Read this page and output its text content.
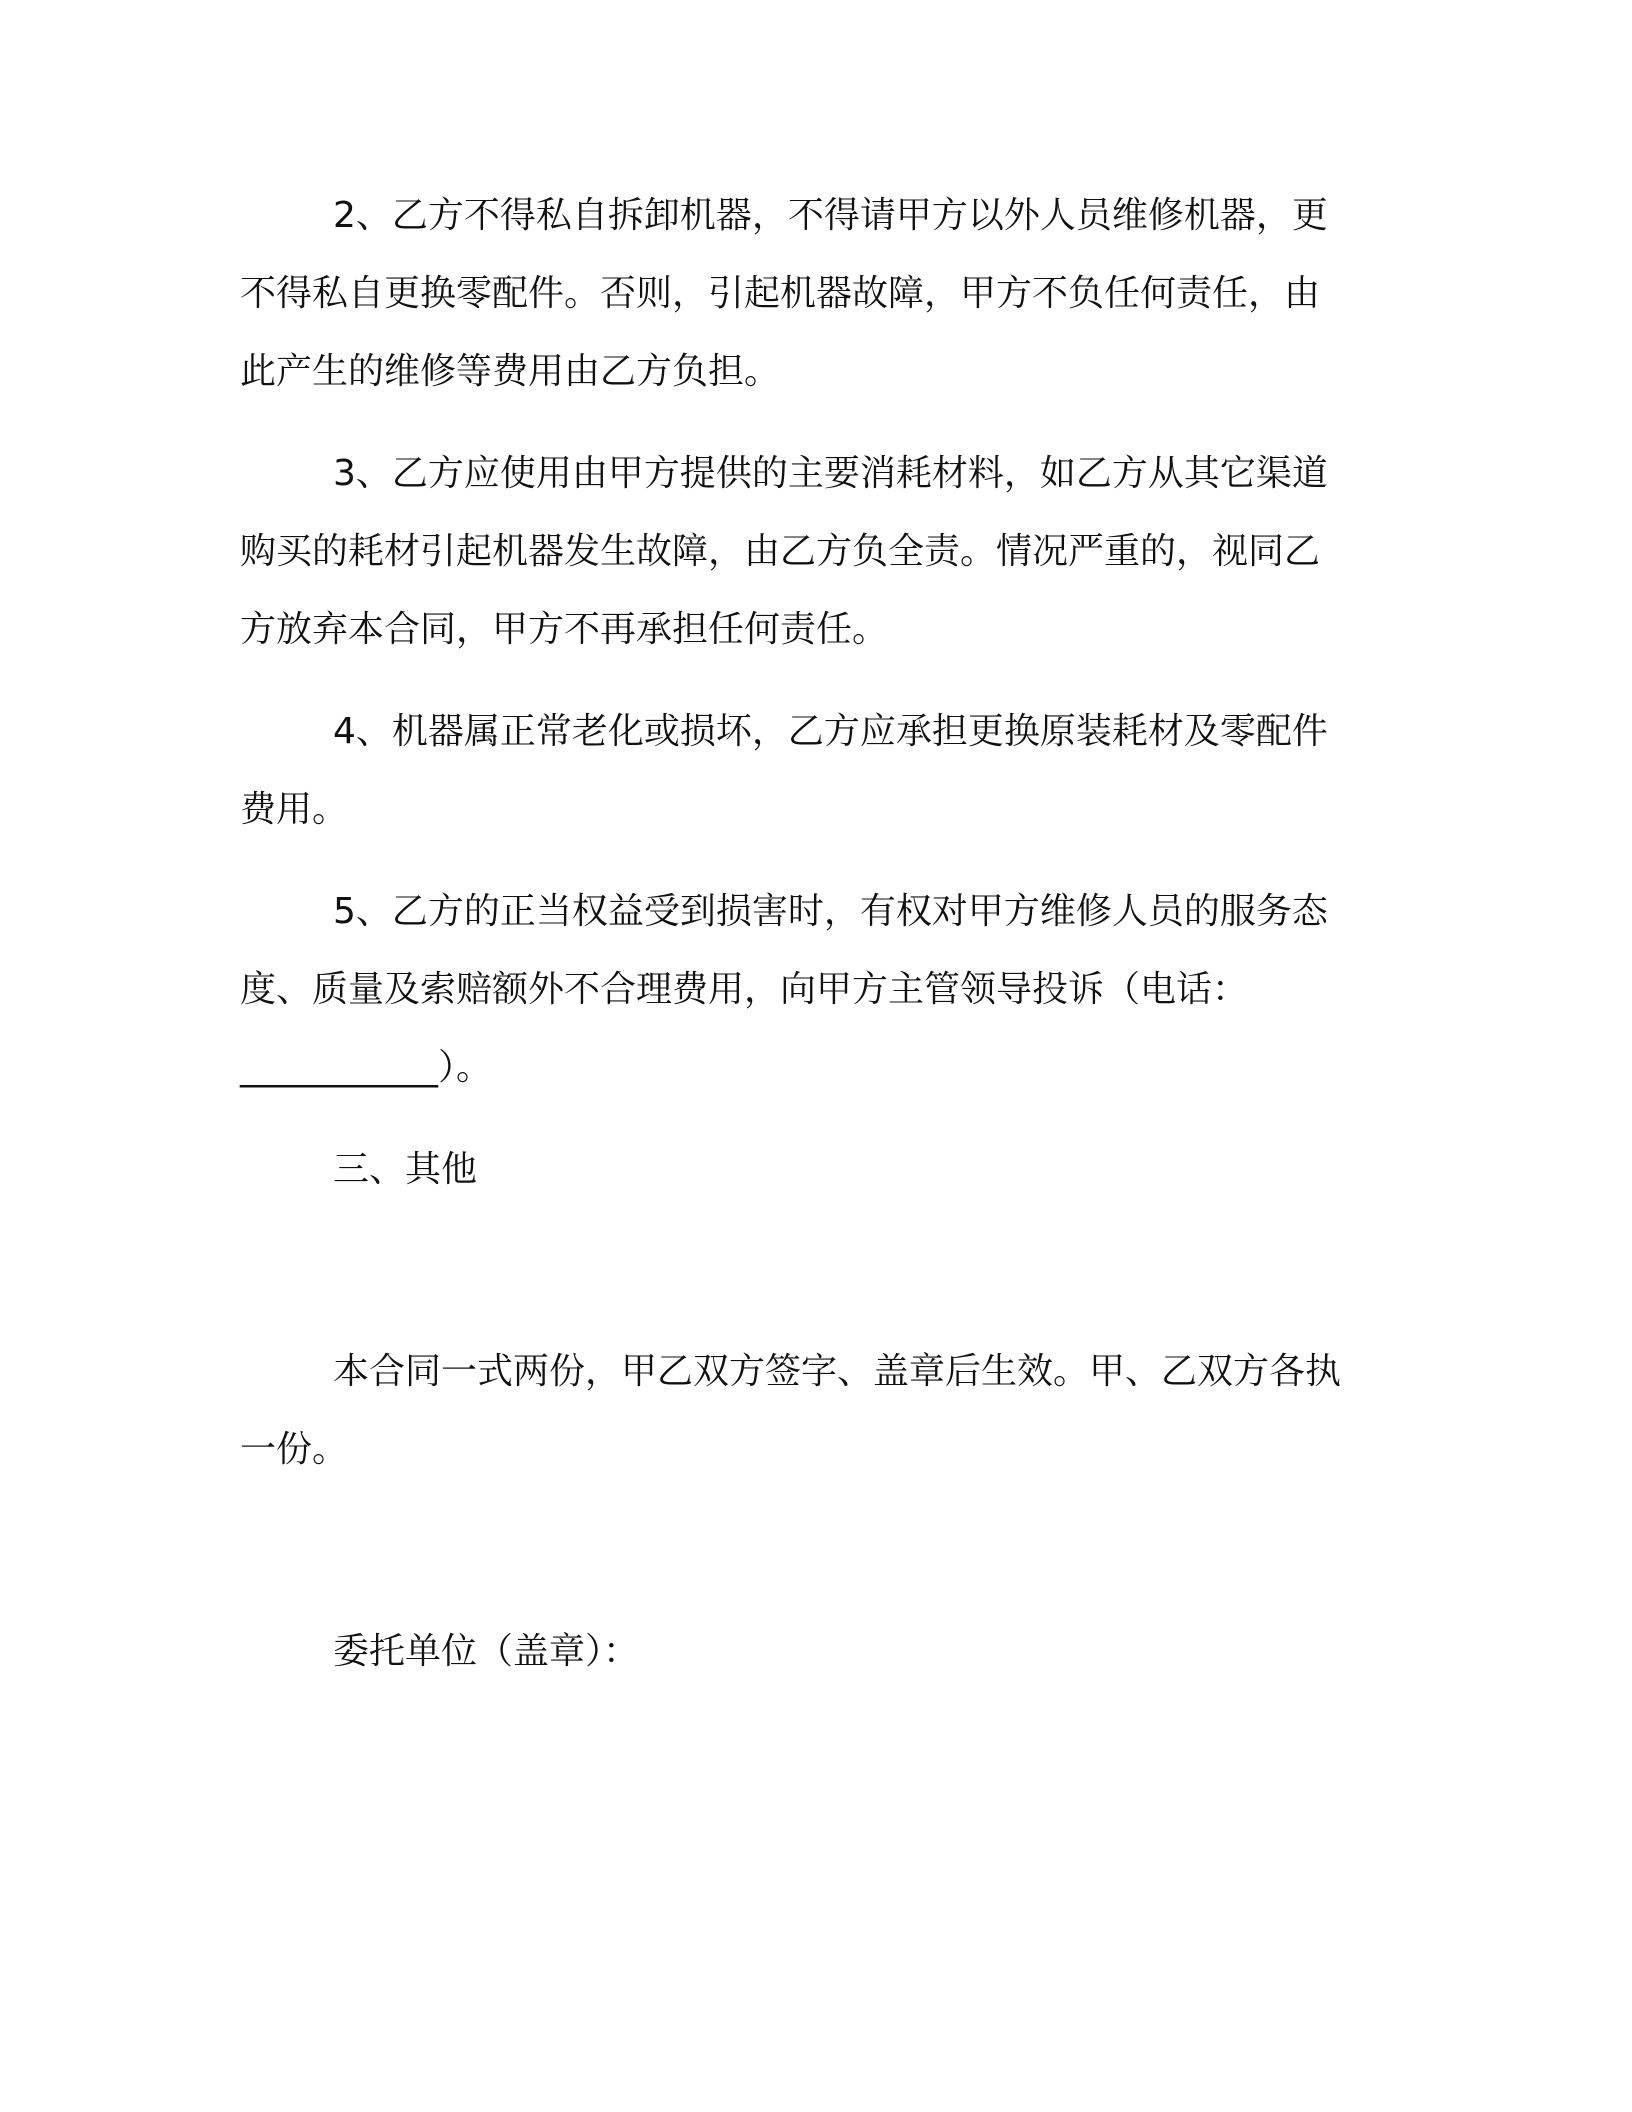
2、乙方不得私自拆卸机器，不得请甲方以外人员维修机器，更
不得私自更换零配件。否则，引起机器故障，甲方不负任何责任，由
此产生的维修等费用由乙方负担。
3、乙方应使用由甲方提供的主要消耗材料，如乙方从其它渠道
购买的耗材引起机器发生故障，由乙方负全责。情况严重的，视同乙
方放弃本合同，甲方不再承担任何责任。
4、机器属正常老化或损坏，乙方应承担更换原装耗材及零配件
费用。
5、乙方的正当权益受到损害时，有权对甲方维修人员的服务态
度、质量及索赔额外不合理费用，向甲方主管领导投诉（电话：
___________）。
三、其他
本合同一式两份，甲乙双方签字、盖章后生效。甲、乙双方各执
一份。
委托单位（盖章）：
